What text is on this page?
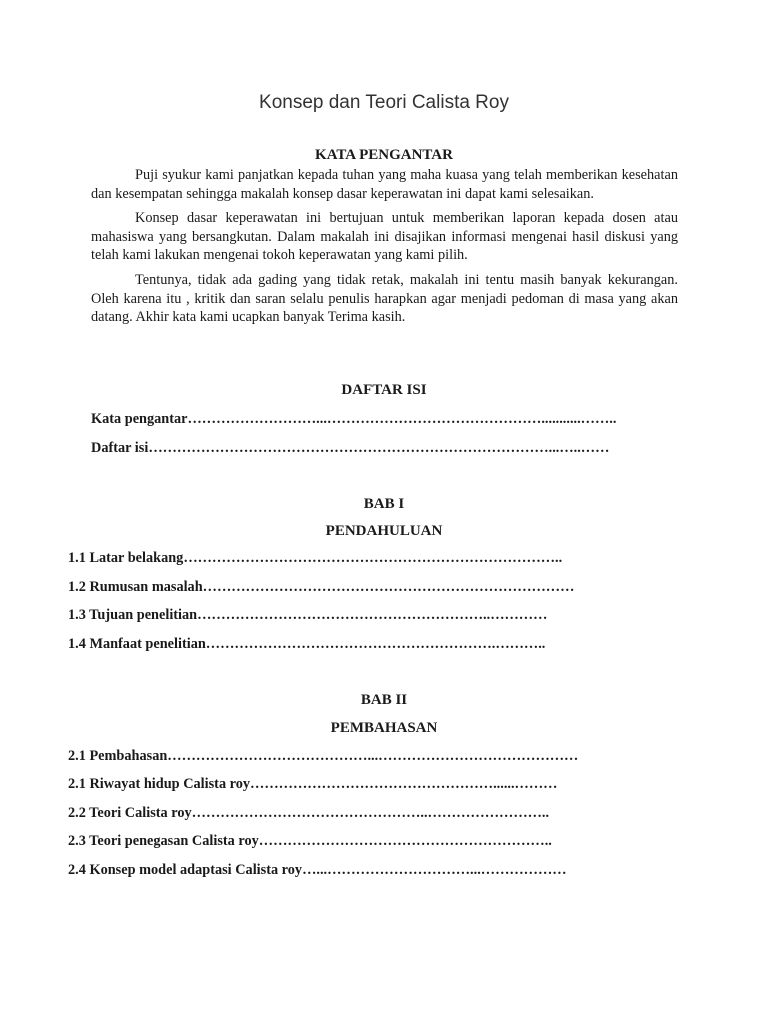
Konsep dan Teori Calista Roy
KATA PENGANTAR

Puji syukur kami panjatkan kepada tuhan yang maha kuasa yang telah memberikan kesehatan dan kesempatan sehingga makalah konsep dasar keperawatan ini dapat kami selesaikan.

Konsep dasar keperawatan ini bertujuan untuk memberikan laporan kepada dosen atau mahasiswa yang bersangkutan. Dalam makalah ini disajikan informasi mengenai hasil diskusi yang telah kami lakukan mengenai tokoh keperawatan yang kami pilih.

Tentunya, tidak ada gading yang tidak retak, makalah ini tentu masih banyak kekurangan. Oleh karena itu , kritik dan saran selalu penulis harapkan agar menjadi pedoman di masa yang akan datang. Akhir kata kami ucapkan banyak Terima kasih.

DAFTAR ISI
Kata pengantar………………………...………………………………………...........……..
Daftar isi…………………………………………………………………………...…..……
BAB I
PENDAHULUAN
1.1 Latar belakang……………………………………………………………………..
1.2 Rumusan masalah……………………………………………………………………
1.3 Tujuan penelitian……………………………………………………..…………
1.4 Manfaat penelitian…………………………………………………….………..
BAB II
PEMBAHASAN
2.1 Pembahasan……………………………………...……………………………………
2.1 Riwayat hidup Calista roy……………………………………………......………
2.2 Teori Calista roy…………………………………………..……………………..
2.3 Teori penegasan Calista roy……………………………………………………..
2.4 Konsep model adaptasi Calista roy…...…………………………...………………
